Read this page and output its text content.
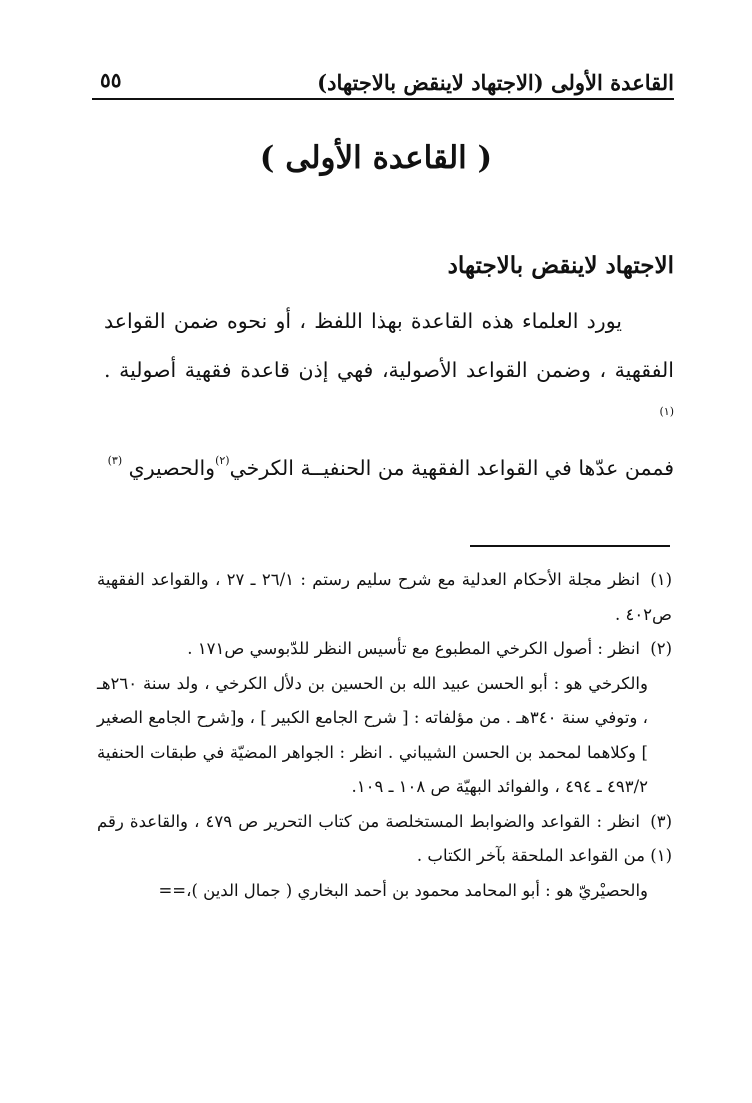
القاعدة الأولى (الاجتهاد لاينقض بالاجتهاد)
٥٥
( القاعدة الأولى )
الاجتهاد لاينقض بالاجتهاد

يورد العلماء هذه القاعدة بهذا اللفظ ، أو نحوه ضمن القواعد الفقهية ، وضمن القواعد الأصولية، فهي إذن قاعدة فقهية أصولية . $^{(١)}$

فممن عدّها في القواعد الفقهية من الحنفيــة الكرخي$^{(٢)}$والحصيري $^{(٣)}$

(١)انظر مجلة الأحكام العدلية مع شرح سليم رستم : ٢٦/١ ـ ٢٧ ، والقواعد الفقهية ص٤٠٢ .

(٢)انظر : أصول الكرخي المطبوع مع تأسيس النظر للدّبوسي ص١٧١ .

والكرخي هو : أبو الحسن عبيد الله بن الحسين بن دلأل الكرخي ، ولد سنة ٢٦٠هـ ، وتوفي سنة ٣٤٠هـ . من مؤلفاته : [ شرح الجامع الكبير ] ، و[شرح الجامع الصغير ] وكلاهما لمحمد بن الحسن الشيباني . انظر : الجواهر المضيّة في طبقات الحنفية ٤٩٣/٢ ـ ٤٩٤ ، والفوائد البهيّة ص ١٠٨ ـ ١٠٩.

(٣)انظر : القواعد والضوابط المستخلصة من كتاب التحرير ص ٤٧٩ ، والقاعدة رقم (١) من القواعد الملحقة بآخر الكتاب .

والحصيْريّ هو : أبو المحامد محمود بن أحمد البخاري ( جمال الدين )،==
